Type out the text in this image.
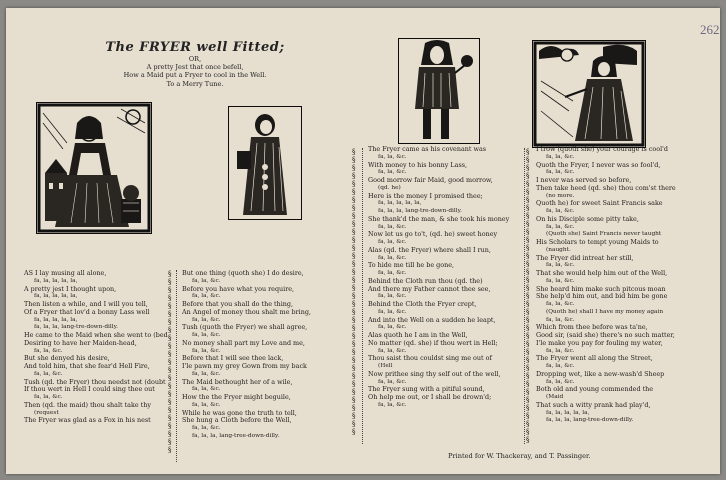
262
The FRYER well Fitted;
OR,
A pretty Jest that once befell,
How a Maid put a Fryer to cool in the Well.
To a Merry Tune.
§
§
§
§
§
§
§
§
§
§
§
§
§
§
§
§
§
§
§
§
§
§
§
§
§
§
§
§
§
§
§
§
§
§
§
§
§
§
§
§
§
§
§
§
§
§
§
§
§
§
§
§
§
§
§
§
§
§
§
§
§
§
§
§
§
§
§
§
§
§
§
§
§
§
§
§
§
§
§
§
§
§
§
§
§
§
§
§
§
§
§
§
§
§
§
§
AS I lay musing all alone,
fa, la, la, la, la,
A pretty jest I thought upon,
fa, la, la, la, la,
Then listen a while, and I will you tell,
Of a Fryer that lov'd a bonny Lass well
fa, la, la, la, la,
fa, la, la, lang-tre-down-dilly.
He came to the Maid when she went to (bed
Desiring to have her Maiden-head,
fa, la, &c.
But she denyed his desire,
And told him, that she fear'd Hell Fire,
fa, la, &c.
Tush (qd. the Fryer) thou needst not (doubt
If thou wert in Hell I could sing thee out
fa, la, &c.
Then (qd. the maid) thou shalt take thy
(request
The Fryer was glad as a Fox in his nest
But one thing (quoth she) I do desire,
fa, la, &c.
Before you have what you require,
fa, la, &c.
Before that you shall do the thing,
An Angel of money thou shalt me bring,
fa, la, &c.
Tush (quoth the Fryer) we shall agree,
fa, la, &c.
No money shall part my Love and me,
fa, la, &c.
Before that I will see thee lack,
I'le pawn my grey Gown from my back
fa, la, &c.
The Maid bethought her of a wile,
fa, la, &c.
How the the Fryer might beguile,
fa, la, &c.
While he was gone the truth to tell,
She hung a Cloth before the Well,
fa, la, &c.
fa, la, la, lang-tree-down-dilly.
The Fryer came as his covenant was
fa, la, &c.
With money to his bonny Lass,
fa, la, &c.
Good morrow fair Maid, good morrow,
(qd. he)
Here is the money I promised thee;
fa, la, la, la, la,
fa, la, la, lang-tre-down-dilly.
She thank'd the man, & she took his money
fa, la, &c.
Now let us go to't, (qd. he) sweet honey
fa, la, &c.
Alas (qd. the Fryer) where shall I run,
fa, la, &c.
To hide me till he be gone,
fa, la, &c.
Behind the Cloth run thou (qd. the)
And there my Father cannot thee see,
fa, la, &c.
Behind the Cloth the Fryer crept,
fa, la, &c.
And into the Well on a sudden he leapt,
fa, la, &c.
Alas quoth he I am in the Well,
No matter (qd. she) if thou wert in Hell;
fa, la, &c.
Thou saist thou couldst sing me out of
(Hell
Now prithee sing thy self out of the well,
fa, la, &c.
The Fryer sung with a pitiful sound,
Oh help me out, or I shall be drown'd;
fa, la, &c.
I trow (quoth she) your courage is cool'd
fa, la, &c.
Quoth the Fryer, I never was so fool'd,
fa, la, &c.
I never was served so before,
Then take heed (qd. she) thou com'st there
(no more.
Quoth he) for sweet Saint Francis sake
fa, la, &c.
On his Disciple some pitty take,
fa, la, &c.
(Quoth she) Saint Francis never taught
His Scholars to tempt young Maids to
(naught.
The Fryer did intreat her still,
fa, la, &c.
That she would help him out of the Well,
fa, la, &c.
She heard him make such pitcous moan
She help'd him out, and bid him be gone
fa, la, &c.
(Quoth he) shall I have my money again
fa, la, &c.
Which from thee before was ta'ne,
Good sir, (said she) there's no such matter,
I'le make you pay for fouling my water,
fa, la, &c.
The Fryer went all along the Street,
fa, la, &c.
Dropping wet, like a new-wash'd Sheep
fa, la, &c.
Both old and young commended the
(Maid
That such a witty prank had play'd,
fa, la, la, la, la,
fa, la, la, lang-tree-down-dilly.
Printed for W. Thackeray, and T. Passinger.
